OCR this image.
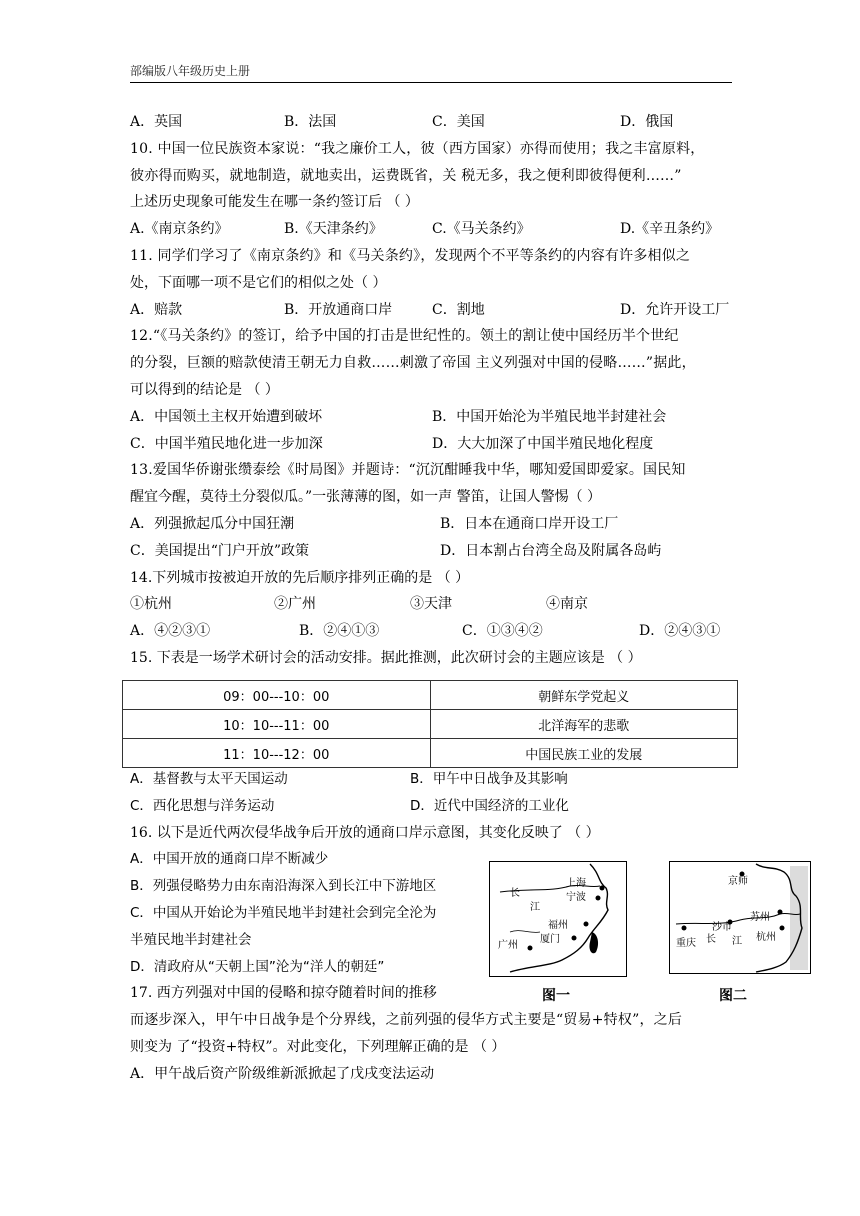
部编版八年级历史上册
A．英国	B．法国	C．美国	D．俄国
10. 中国一位民族资本家说：“我之廉价工人，彼（西方国家）亦得而使用；我之丰富原料，
彼亦得而购买，就地制造，就地卖出，运费既省，关 税无多，我之便利即彼得便利……”
上述历史现象可能发生在哪一条约签订后 （ ）
A.《南京条约》	B.《天津条约》	C.《马关条约》	D.《辛丑条约》
11. 同学们学习了《南京条约》和《马关条约》，发现两个不平等条约的内容有许多相似之
处，下面哪一项不是它们的相似之处（ ）
A．赔款	B．开放通商口岸	C．割地	D．允许开设工厂
12.“《马关条约》的签订，给予中国的打击是世纪性的。领土的割让使中国经历半个世纪
的分裂，巨额的赔款使清王朝无力自救……刺激了帝国 主义列强对中国的侵略……”据此，
可以得到的结论是 （ ）
A．中国领土主权开始遭到破坏	B．中国开始沦为半殖民地半封建社会
C．中国半殖民地化进一步加深	D．大大加深了中国半殖民地化程度
13.爱国华侨谢张缵泰绘《时局图》并题诗：“沉沉酣睡我中华，哪知爱国即爱家。国民知
醒宜今醒，莫待土分裂似瓜。”一张薄薄的图，如一声 警笛，让国人警惕（ ）
A．列强掀起瓜分中国狂潮	B．日本在通商口岸开设工厂
C．美国提出“门户开放”政策	D．日本割占台湾全岛及附属各岛屿
14.下列城市按被迫开放的先后顺序排列正确的是 （ ）
①杭州	②广州	③天津	④南京
A．④②③①	B．②④①③	C．①③④②	D．②④③①
15. 下表是一场学术研讨会的活动安排。据此推测，此次研讨会的主题应该是 （ ）
09：00---10：00	朝鲜东学党起义
10：10---11：00	北洋海军的悲歌
11：10---12：00	中国民族工业的发展
A．基督教与太平天国运动	B．甲午中日战争及其影响
C．西化思想与洋务运动	D．近代中国经济的工业化
16. 以下是近代两次侵华战争后开放的通商口岸示意图，其变化反映了 （ ）
A．中国开放的通商口岸不断减少
B．列强侵略势力由东南沿海深入到长江中下游地区
C．中国从开始论为半殖民地半封建社会到完全沦为
半殖民地半封建社会
D．清政府从“天朝上国”沦为“洋人的朝廷”
17. 西方列强对中国的侵略和掠夺随着时间的推移
而逐步深入，甲午中日战争是个分界线，之前列强的侵华方式主要是“贸易+特权”，之后
则变为 了“投资+特权”。对此变化，下列理解正确的是 （ ）
A．甲午战后资产阶级维新派掀起了戊戌变法运动
长
江
上海
宁波
福州
厦门
广州
图一
京师
苏州
沙市
长 江 杭州
重庆
图二
